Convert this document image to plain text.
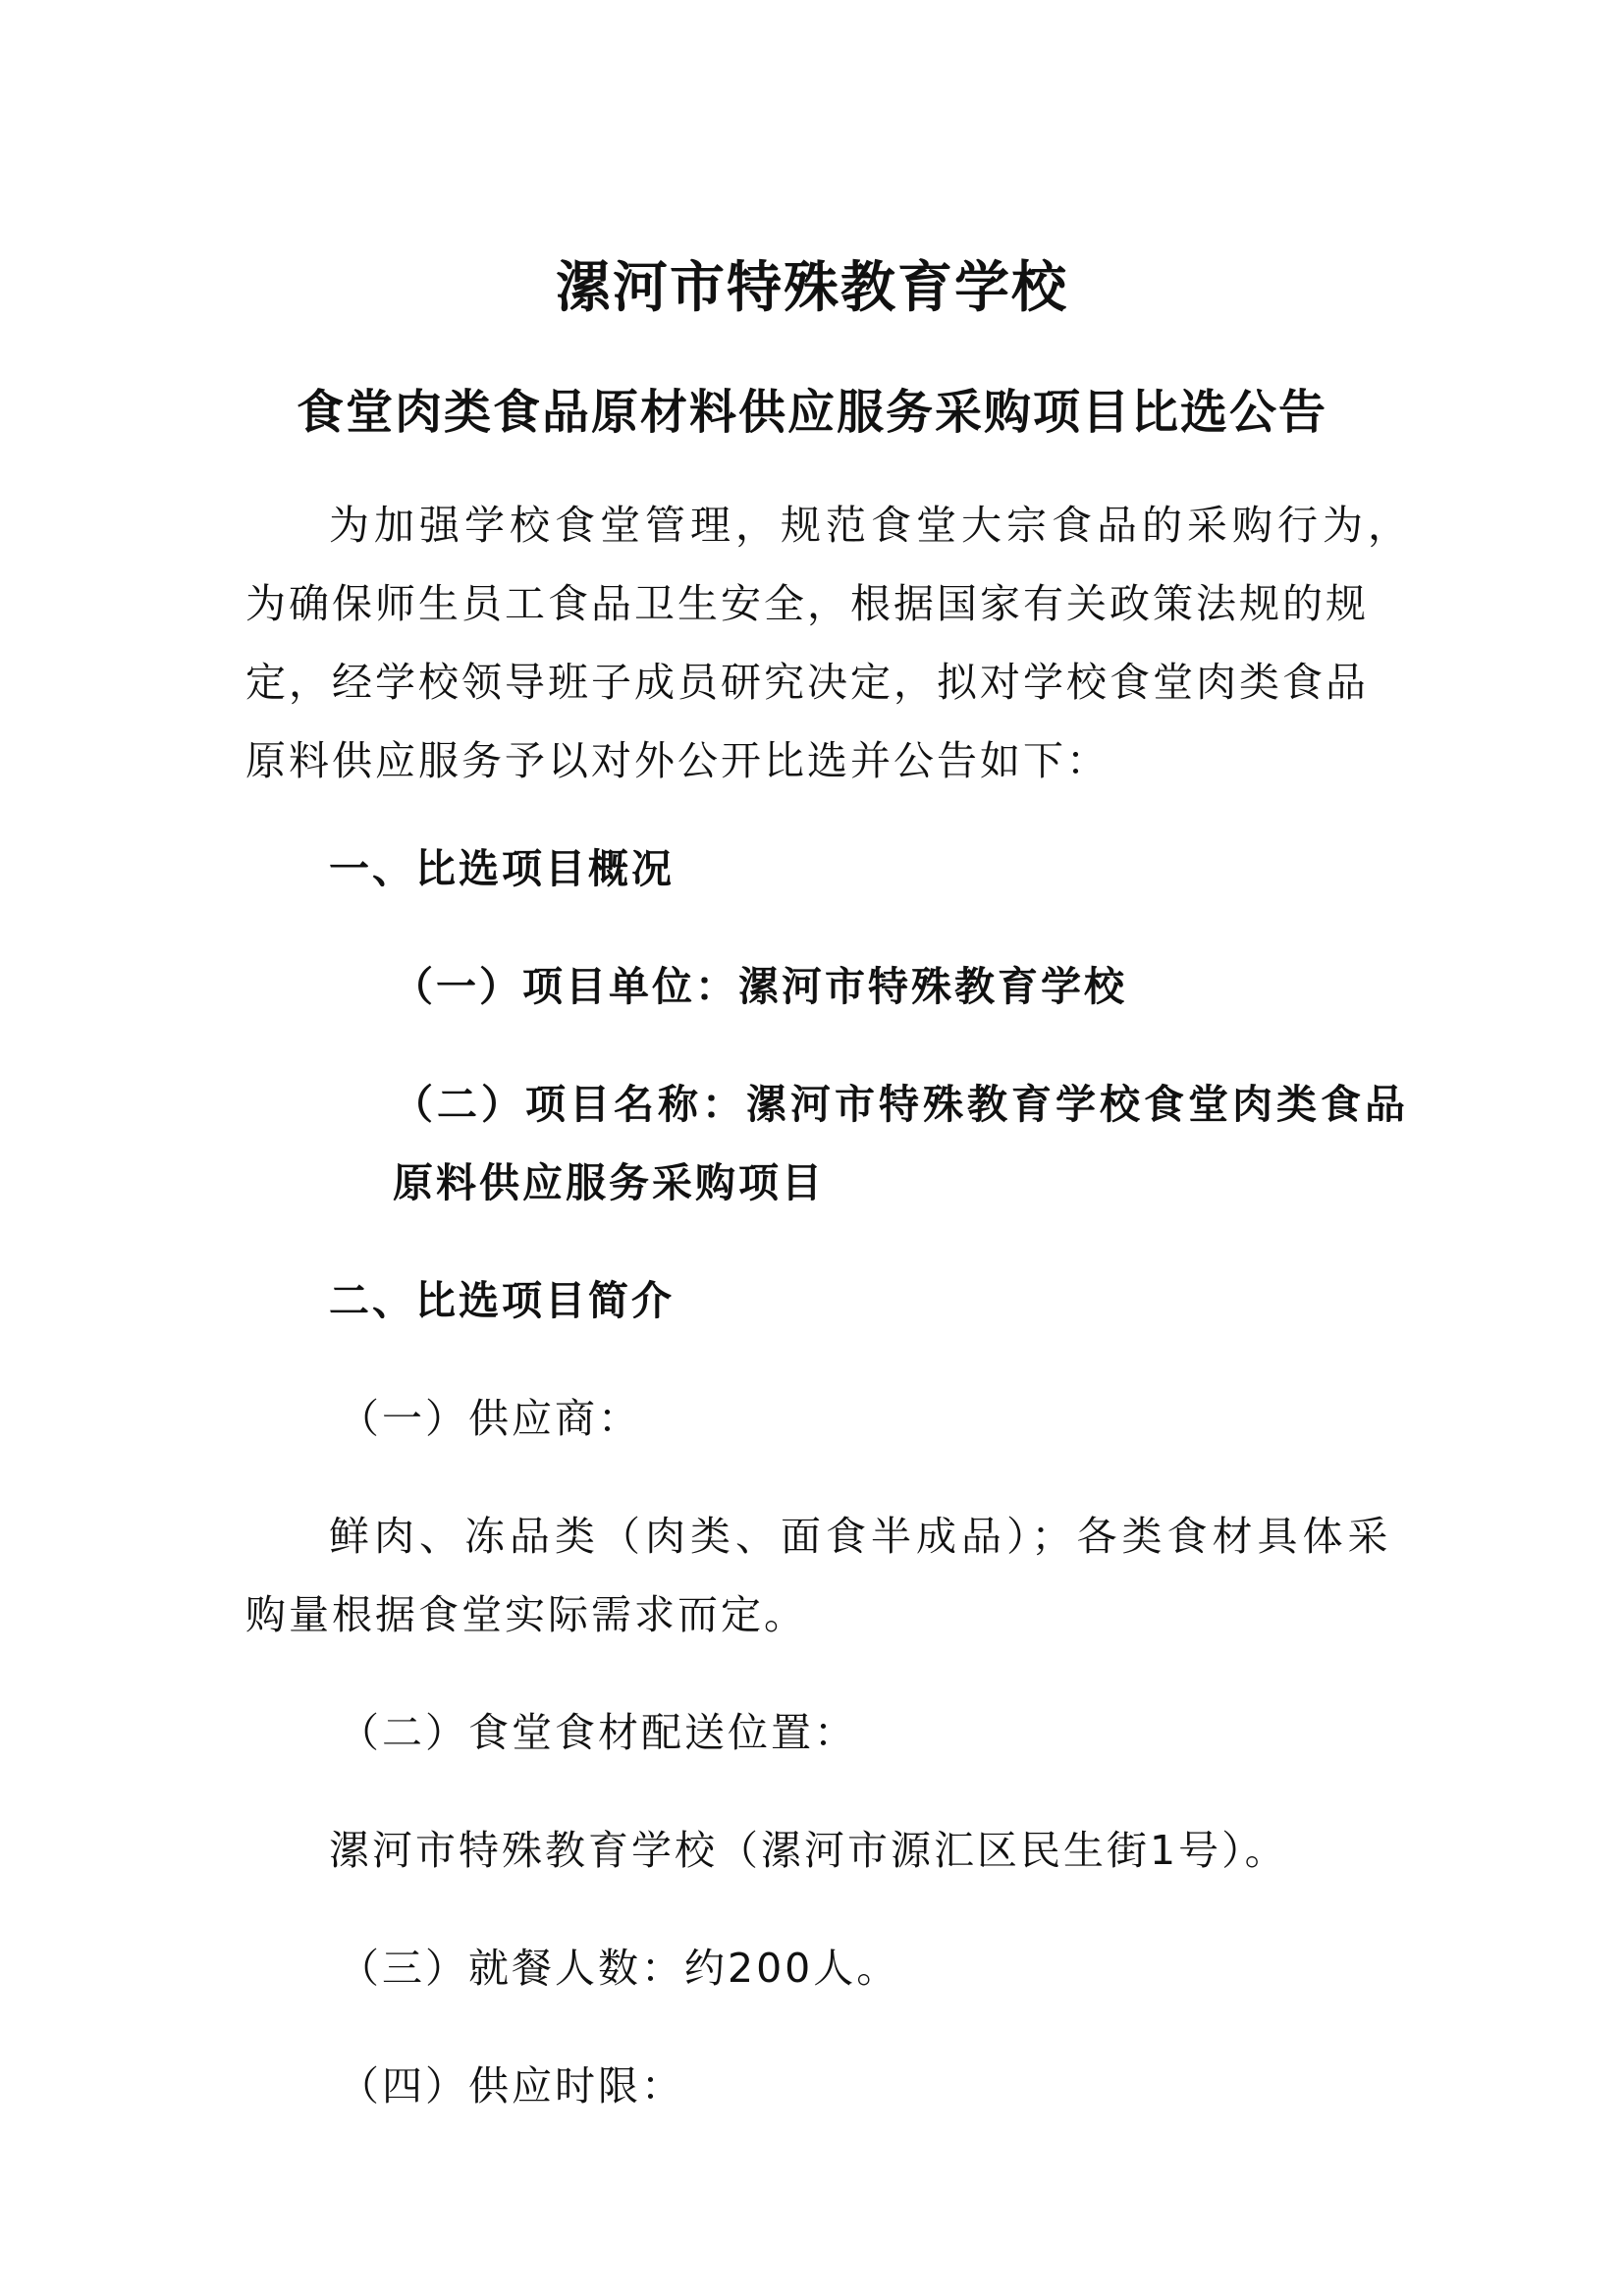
漯河市特殊教育学校
食堂肉类食品原材料供应服务采购项目比选公告
为加强学校食堂管理，规范食堂大宗食品的采购行为，
为确保师生员工食品卫生安全，根据国家有关政策法规的规
定，经学校领导班子成员研究决定，拟对学校食堂肉类食品
原料供应服务予以对外公开比选并公告如下：
一、比选项目概况
（一）项目单位：漯河市特殊教育学校
（二）项目名称：漯河市特殊教育学校食堂肉类食品
原料供应服务采购项目
二、比选项目简介
（一）供应商：
鲜肉、冻品类（肉类、面食半成品）；各类食材具体采
购量根据食堂实际需求而定。
（二）食堂食材配送位置：
漯河市特殊教育学校（漯河市源汇区民生街1号）。
（三）就餐人数：约200人。
（四）供应时限：
